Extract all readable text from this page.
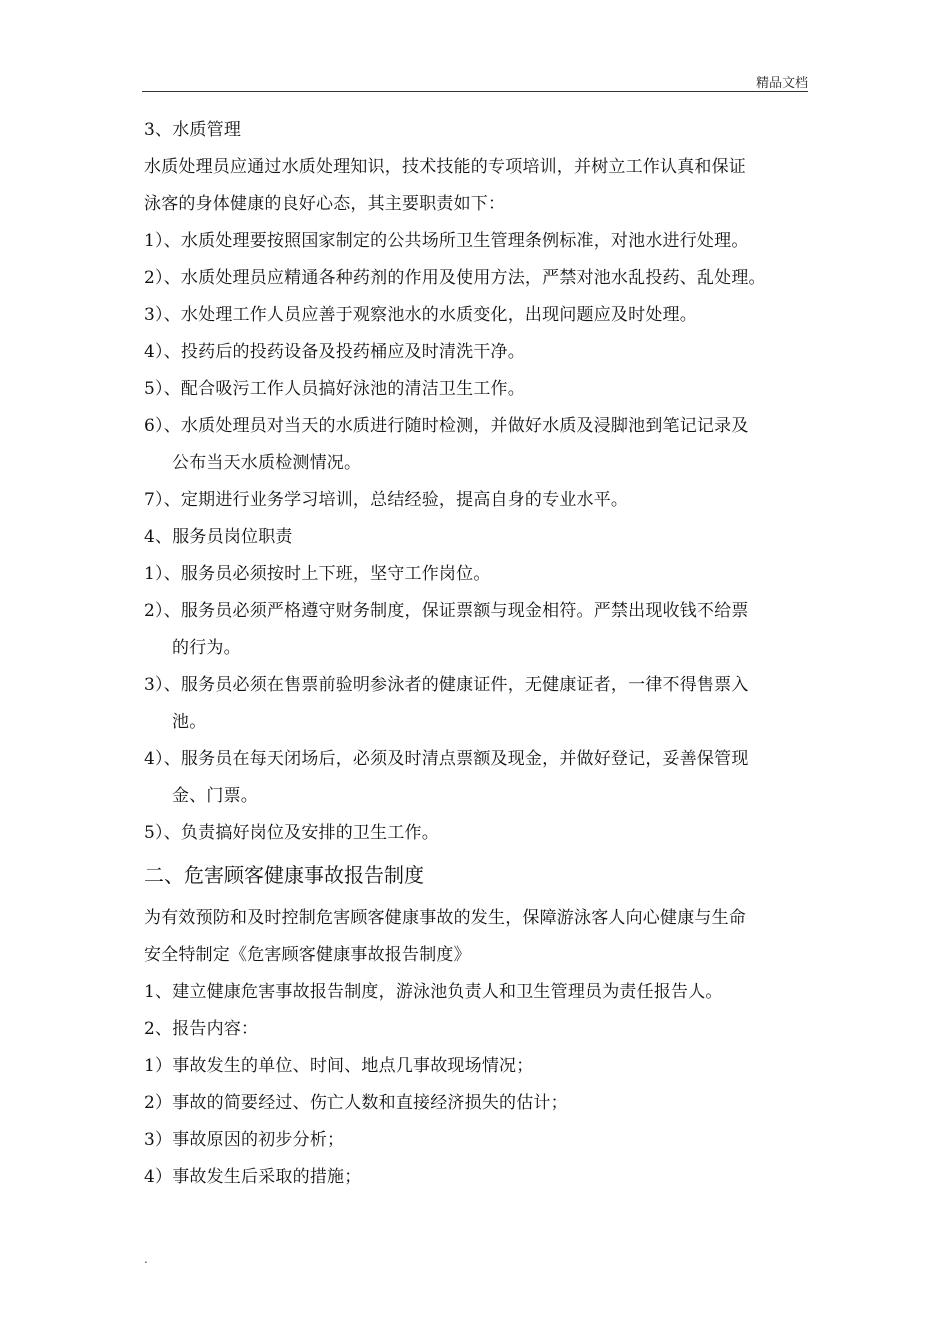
精品文档
3、水质管理
水质处理员应通过水质处理知识，技术技能的专项培训，并树立工作认真和保证
泳客的身体健康的良好心态，其主要职责如下：
1）、水质处理要按照国家制定的公共场所卫生管理条例标准，对池水进行处理。
2）、水质处理员应精通各种药剂的作用及使用方法，严禁对池水乱投药、乱处理。
3）、水处理工作人员应善于观察池水的水质变化，出现问题应及时处理。
4）、投药后的投药设备及投药桶应及时清洗干净。
5）、配合吸污工作人员搞好泳池的清洁卫生工作。
6）、水质处理员对当天的水质进行随时检测，并做好水质及浸脚池到笔记记录及
公布当天水质检测情况。
7）、定期进行业务学习培训，总结经验，提高自身的专业水平。
4、服务员岗位职责
1）、服务员必须按时上下班，坚守工作岗位。
2）、服务员必须严格遵守财务制度，保证票额与现金相符。严禁出现收钱不给票
的行为。
3）、服务员必须在售票前验明参泳者的健康证件，无健康证者，一律不得售票入
池。
4）、服务员在每天闭场后，必须及时清点票额及现金，并做好登记，妥善保管现
金、门票。
5）、负责搞好岗位及安排的卫生工作。
二、危害顾客健康事故报告制度
为有效预防和及时控制危害顾客健康事故的发生，保障游泳客人向心健康与生命
安全特制定《危害顾客健康事故报告制度》
1、建立健康危害事故报告制度，游泳池负责人和卫生管理员为责任报告人。
2、报告内容：
1）事故发生的单位、时间、地点几事故现场情况；
2）事故的简要经过、伤亡人数和直接经济损失的估计；
3）事故原因的初步分析；
4）事故发生后采取的措施；
.
